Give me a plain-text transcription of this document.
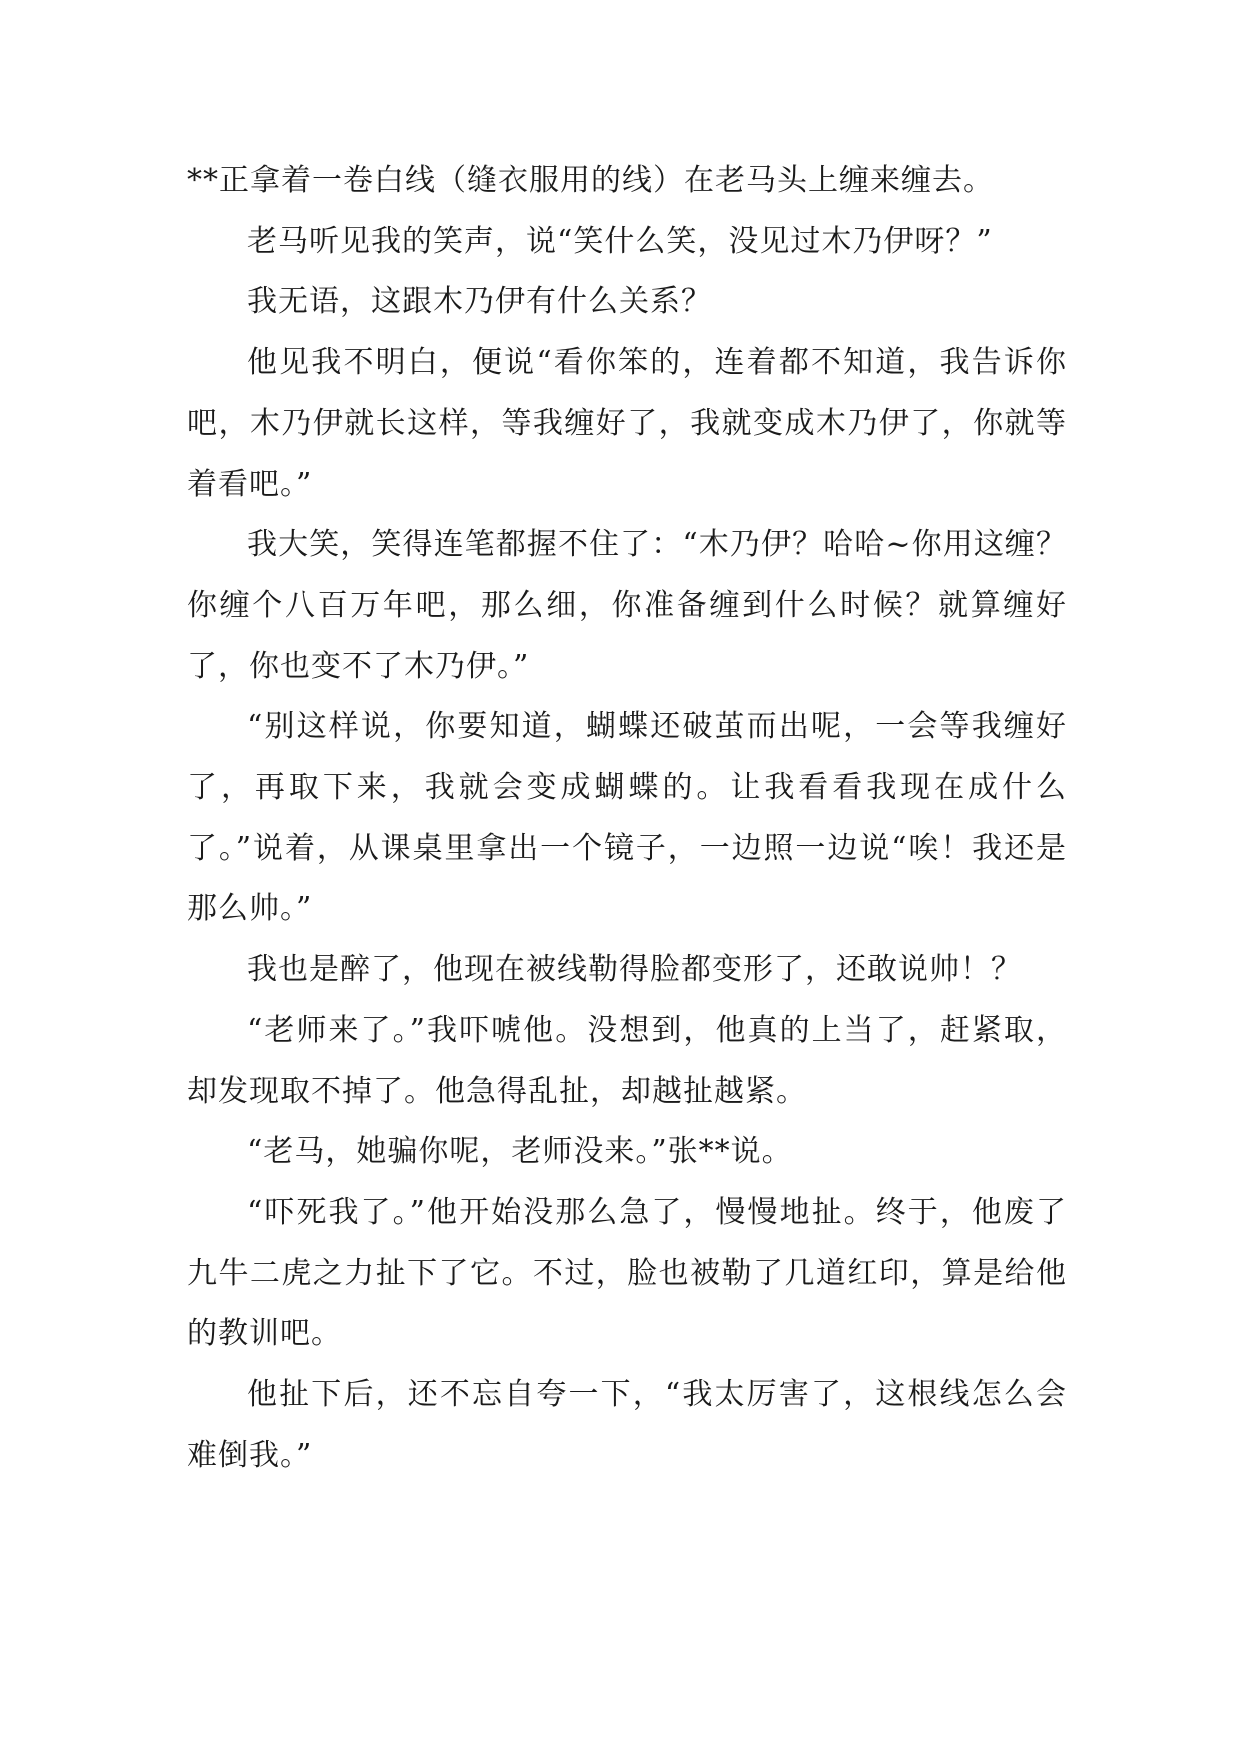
**正拿着一卷白线（缝衣服用的线）在老马头上缠来缠去。

老马听见我的笑声，说“笑什么笑，没见过木乃伊呀？”

我无语，这跟木乃伊有什么关系？

他见我不明白，便说“看你笨的，连着都不知道，我告诉你吧，木乃伊就长这样，等我缠好了，我就变成木乃伊了，你就等着看吧。”

我大笑，笑得连笔都握不住了：“木乃伊？哈哈~你用这缠？你缠个八百万年吧，那么细，你准备缠到什么时候？就算缠好了，你也变不了木乃伊。”

“别这样说，你要知道，蝴蝶还破茧而出呢，一会等我缠好了，再取下来，我就会变成蝴蝶的。让我看看我现在成什么了。”说着，从课桌里拿出一个镜子，一边照一边说“唉！我还是那么帅。”

我也是醉了，他现在被线勒得脸都变形了，还敢说帅！？

“老师来了。”我吓唬他。没想到，他真的上当了，赶紧取，却发现取不掉了。他急得乱扯，却越扯越紧。

“老马，她骗你呢，老师没来。”张**说。

“吓死我了。”他开始没那么急了，慢慢地扯。终于，他废了九牛二虎之力扯下了它。不过，脸也被勒了几道红印，算是给他的教训吧。

他扯下后，还不忘自夸一下，“我太厉害了，这根线怎么会难倒我。”
